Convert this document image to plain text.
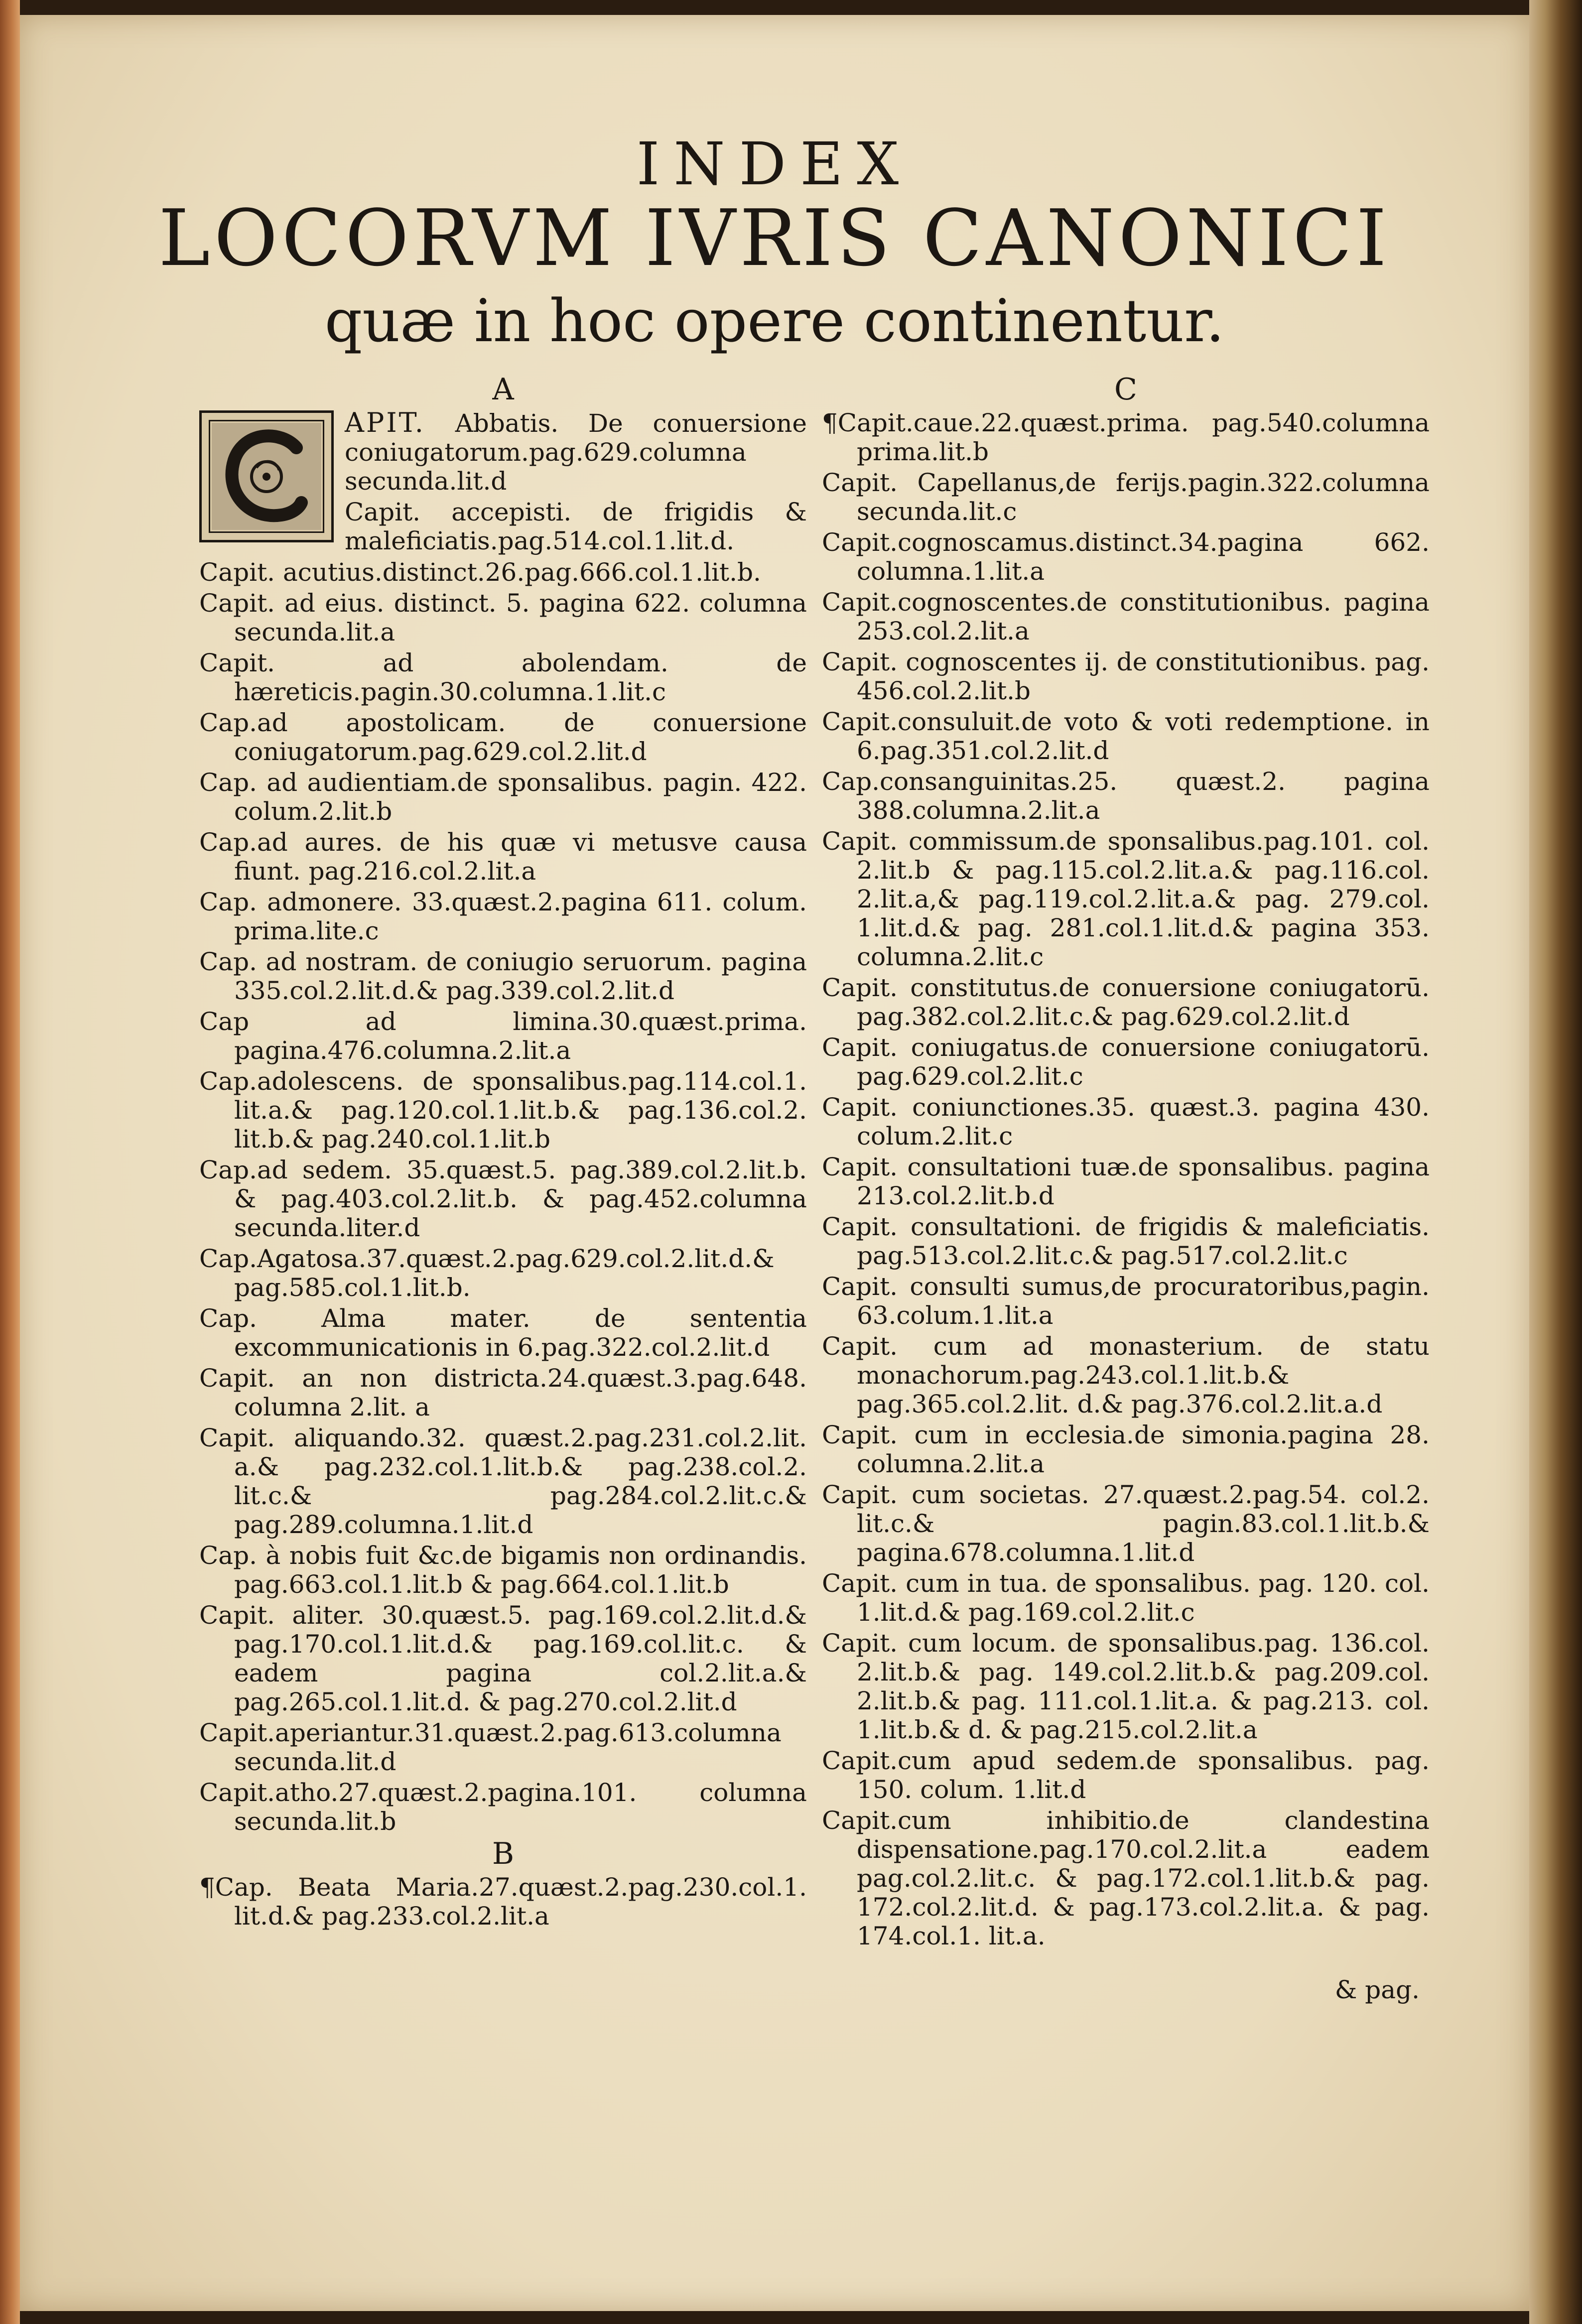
INDEX
LOCORVM IVRIS CANONICI
quæ in hoc opere continentur.
A

APIT. Abbatis. De conuersione coniugatorum.pag.629.columna secunda.lit.d

Capit. accepisti. de frigidis & maleficiatis.pag.514.col.1.lit.d.

Capit. acutius.distinct.26.pag.666.col.1.lit.b.

Capit. ad eius. distinct. 5. pagina 622. columna secunda.lit.a

Capit. ad abolendam. de hæreticis.pagin.30.columna.1.lit.c

Cap.ad apostolicam. de conuersione coniugatorum.pag.629.col.2.lit.d

Cap. ad audientiam.de sponsalibus. pagin. 422. colum.2.lit.b

Cap.ad aures. de his quæ vi metusve causa fiunt. pag.216.col.2.lit.a

Cap. admonere. 33.quæst.2.pagina 611. colum. prima.lite.c

Cap. ad nostram. de coniugio seruorum. pagina 335.col.2.lit.d.& pag.339.col.2.lit.d

Cap ad limina.30.quæst.prima. pagina.476.columna.2.lit.a

Cap.adolescens. de sponsalibus.pag.114.col.1. lit.a.& pag.120.col.1.lit.b.& pag.136.col.2. lit.b.& pag.240.col.1.lit.b

Cap.ad sedem. 35.quæst.5. pag.389.col.2.lit.b. & pag.403.col.2.lit.b. & pag.452.columna secunda.liter.d

Cap.Agatosa.37.quæst.2.pag.629.col.2.lit.d.& pag.585.col.1.lit.b.

Cap. Alma mater. de sententia excommunicationis in 6.pag.322.col.2.lit.d

Capit. an non districta.24.quæst.3.pag.648. columna 2.lit. a

Capit. aliquando.32. quæst.2.pag.231.col.2.lit. a.& pag.232.col.1.lit.b.& pag.238.col.2. lit.c.& pag.284.col.2.lit.c.& pag.289.columna.1.lit.d

Cap. à nobis fuit &c.de bigamis non ordinandis. pag.663.col.1.lit.b & pag.664.col.1.lit.b

Capit. aliter. 30.quæst.5. pag.169.col.2.lit.d.& pag.170.col.1.lit.d.& pag.169.col.lit.c. & eadem pagina col.2.lit.a.& pag.265.col.1.lit.d. & pag.270.col.2.lit.d

Capit.aperiantur.31.quæst.2.pag.613.columna secunda.lit.d

Capit.atho.27.quæst.2.pagina.101. columna secunda.lit.b

B

¶Cap. Beata Maria.27.quæst.2.pag.230.col.1. lit.d.& pag.233.col.2.lit.a

C

¶Capit.caue.22.quæst.prima. pag.540.columna prima.lit.b

Capit. Capellanus,de ferijs.pagin.322.columna secunda.lit.c

Capit.cognoscamus.distinct.34.pagina 662. columna.1.lit.a

Capit.cognoscentes.de constitutionibus. pagina 253.col.2.lit.a

Capit. cognoscentes ij. de constitutionibus. pag. 456.col.2.lit.b

Capit.consuluit.de voto & voti redemptione. in 6.pag.351.col.2.lit.d

Cap.consanguinitas.25. quæst.2. pagina 388.columna.2.lit.a

Capit. commissum.de sponsalibus.pag.101. col. 2.lit.b & pag.115.col.2.lit.a.& pag.116.col. 2.lit.a,& pag.119.col.2.lit.a.& pag. 279.col. 1.lit.d.& pag. 281.col.1.lit.d.& pagina 353. columna.2.lit.c

Capit. constitutus.de conuersione coniugatorū. pag.382.col.2.lit.c.& pag.629.col.2.lit.d

Capit. coniugatus.de conuersione coniugatorū. pag.629.col.2.lit.c

Capit. coniunctiones.35. quæst.3. pagina 430. colum.2.lit.c

Capit. consultationi tuæ.de sponsalibus. pagina 213.col.2.lit.b.d

Capit. consultationi. de frigidis & maleficiatis. pag.513.col.2.lit.c.& pag.517.col.2.lit.c

Capit. consulti sumus,de procuratoribus,pagin. 63.colum.1.lit.a

Capit. cum ad monasterium. de statu monachorum.pag.243.col.1.lit.b.& pag.365.col.2.lit. d.& pag.376.col.2.lit.a.d

Capit. cum in ecclesia.de simonia.pagina 28. columna.2.lit.a

Capit. cum societas. 27.quæst.2.pag.54. col.2. lit.c.& pagin.83.col.1.lit.b.& pagina.678.columna.1.lit.d

Capit. cum in tua. de sponsalibus. pag. 120. col. 1.lit.d.& pag.169.col.2.lit.c

Capit. cum locum. de sponsalibus.pag. 136.col. 2.lit.b.& pag. 149.col.2.lit.b.& pag.209.col. 2.lit.b.& pag. 111.col.1.lit.a. & pag.213. col. 1.lit.b.& d. & pag.215.col.2.lit.a

Capit.cum apud sedem.de sponsalibus. pag. 150. colum. 1.lit.d

Capit.cum inhibitio.de clandestina dispensatione.pag.170.col.2.lit.a eadem pag.col.2.lit.c. & pag.172.col.1.lit.b.& pag. 172.col.2.lit.d. & pag.173.col.2.lit.a. & pag. 174.col.1. lit.a.

& pag.
